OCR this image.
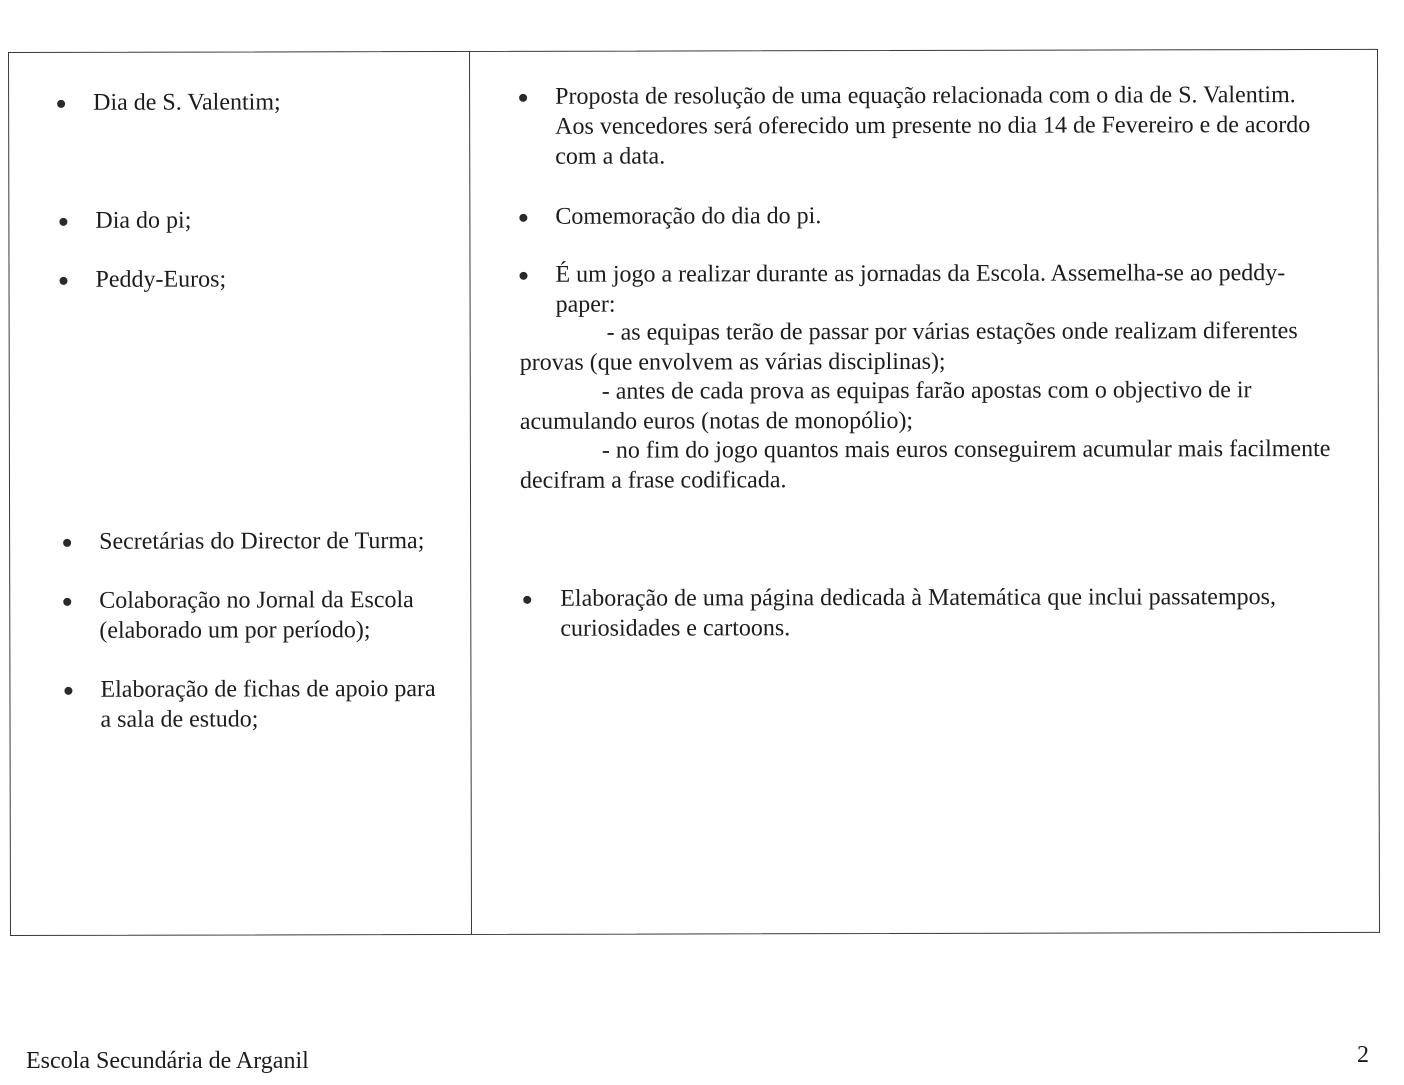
Dia de S. Valentim;
Dia do pi;
Peddy-Euros;
Secretárias do Director de Turma;
Colaboração no Jornal da Escola
(elaborado um por período);
Elaboração de fichas de apoio para
a sala de estudo;
Proposta de resolução de uma equação relacionada com o dia de S. Valentim.
Aos vencedores será oferecido um presente no dia 14 de Fevereiro e de acordo
com a data.
Comemoração do dia do pi.
É um jogo a realizar durante as jornadas da Escola. Assemelha-se ao peddy-
paper:
- as equipas terão de passar por várias estações onde realizam diferentes
provas (que envolvem as várias disciplinas);
- antes de cada prova as equipas farão apostas com o objectivo de ir
acumulando euros (notas de monopólio);
- no fim do jogo quantos mais euros conseguirem acumular mais facilmente
decifram a frase codificada.
Elaboração de uma página dedicada à Matemática que inclui passatempos,
curiosidades e cartoons.
Escola Secundária de Arganil	2
